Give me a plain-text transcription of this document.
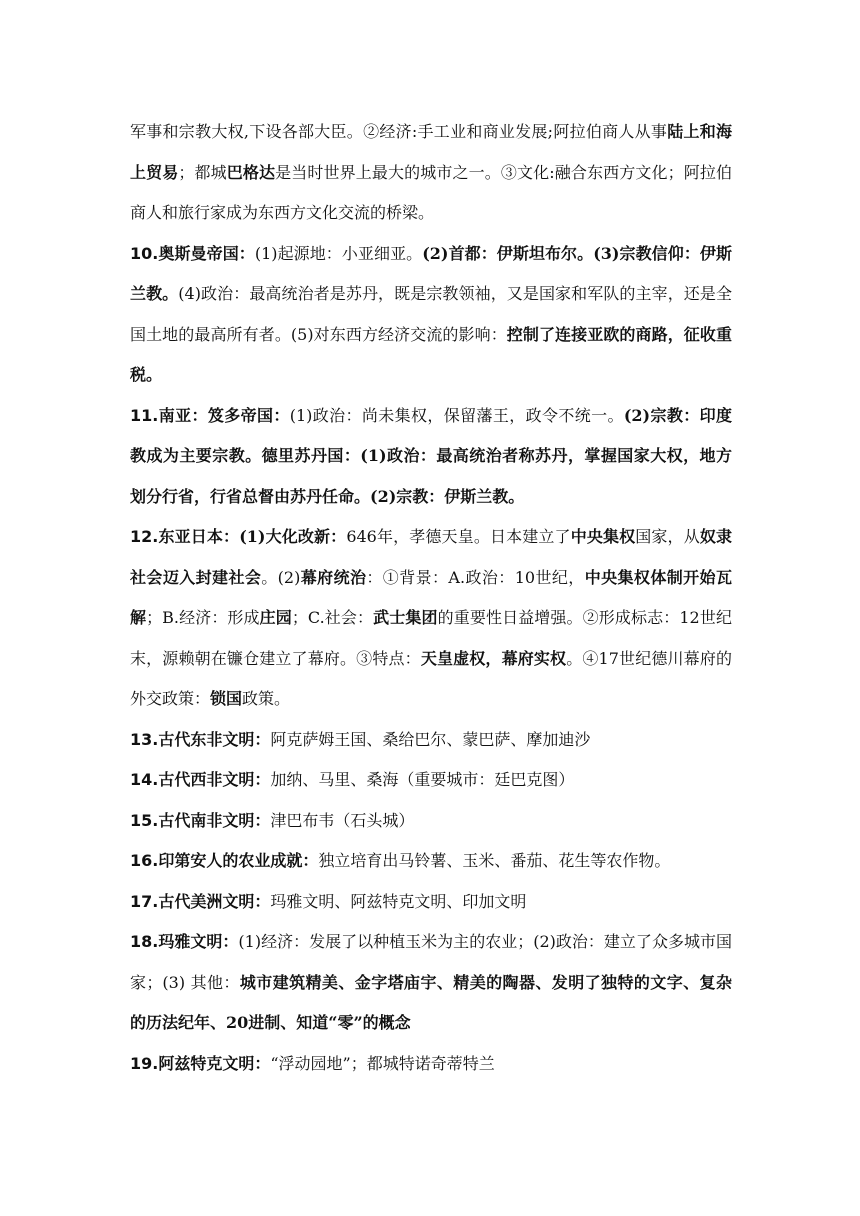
军事和宗教大权,下设各部大臣。②经济:手工业和商业发展;阿拉伯商人从事陆上和海上贸易；都城巴格达是当时世界上最大的城市之一。③文化:融合东西方文化；阿拉伯商人和旅行家成为东西方文化交流的桥梁。

10.奥斯曼帝国：(1)起源地：小亚细亚。(2)首都：伊斯坦布尔。(3)宗教信仰：伊斯兰教。(4)政治：最高统治者是苏丹，既是宗教领袖，又是国家和军队的主宰，还是全国土地的最高所有者。(5)对东西方经济交流的影响：控制了连接亚欧的商路，征收重税。

11.南亚：笈多帝国：(1)政治：尚未集权，保留藩王，政令不统一。(2)宗教：印度教成为主要宗教。德里苏丹国：(1)政治：最高统治者称苏丹，掌握国家大权，地方划分行省，行省总督由苏丹任命。(2)宗教：伊斯兰教。

12.东亚日本：(1)大化改新：646年，孝德天皇。日本建立了中央集权国家，从奴隶社会迈入封建社会。(2)幕府统治：①背景：A.政治：10世纪，中央集权体制开始瓦解；B.经济：形成庄园；C.社会：武士集团的重要性日益增强。②形成标志：12世纪末，源赖朝在镰仓建立了幕府。③特点：天皇虚权，幕府实权。④17世纪德川幕府的外交政策：锁国政策。

13.古代东非文明：阿克萨姆王国、桑给巴尔、蒙巴萨、摩加迪沙

14.古代西非文明：加纳、马里、桑海（重要城市：廷巴克图）

15.古代南非文明：津巴布韦（石头城）

16.印第安人的农业成就：独立培育出马铃薯、玉米、番茄、花生等农作物。

17.古代美洲文明：玛雅文明、阿兹特克文明、印加文明

18.玛雅文明：(1)经济：发展了以种植玉米为主的农业；(2)政治：建立了众多城市国家；(3) 其他：城市建筑精美、金字塔庙宇、精美的陶器、发明了独特的文字、复杂的历法纪年、20进制、知道“零”的概念

19.阿兹特克文明：“浮动园地”；都城特诺奇蒂特兰
